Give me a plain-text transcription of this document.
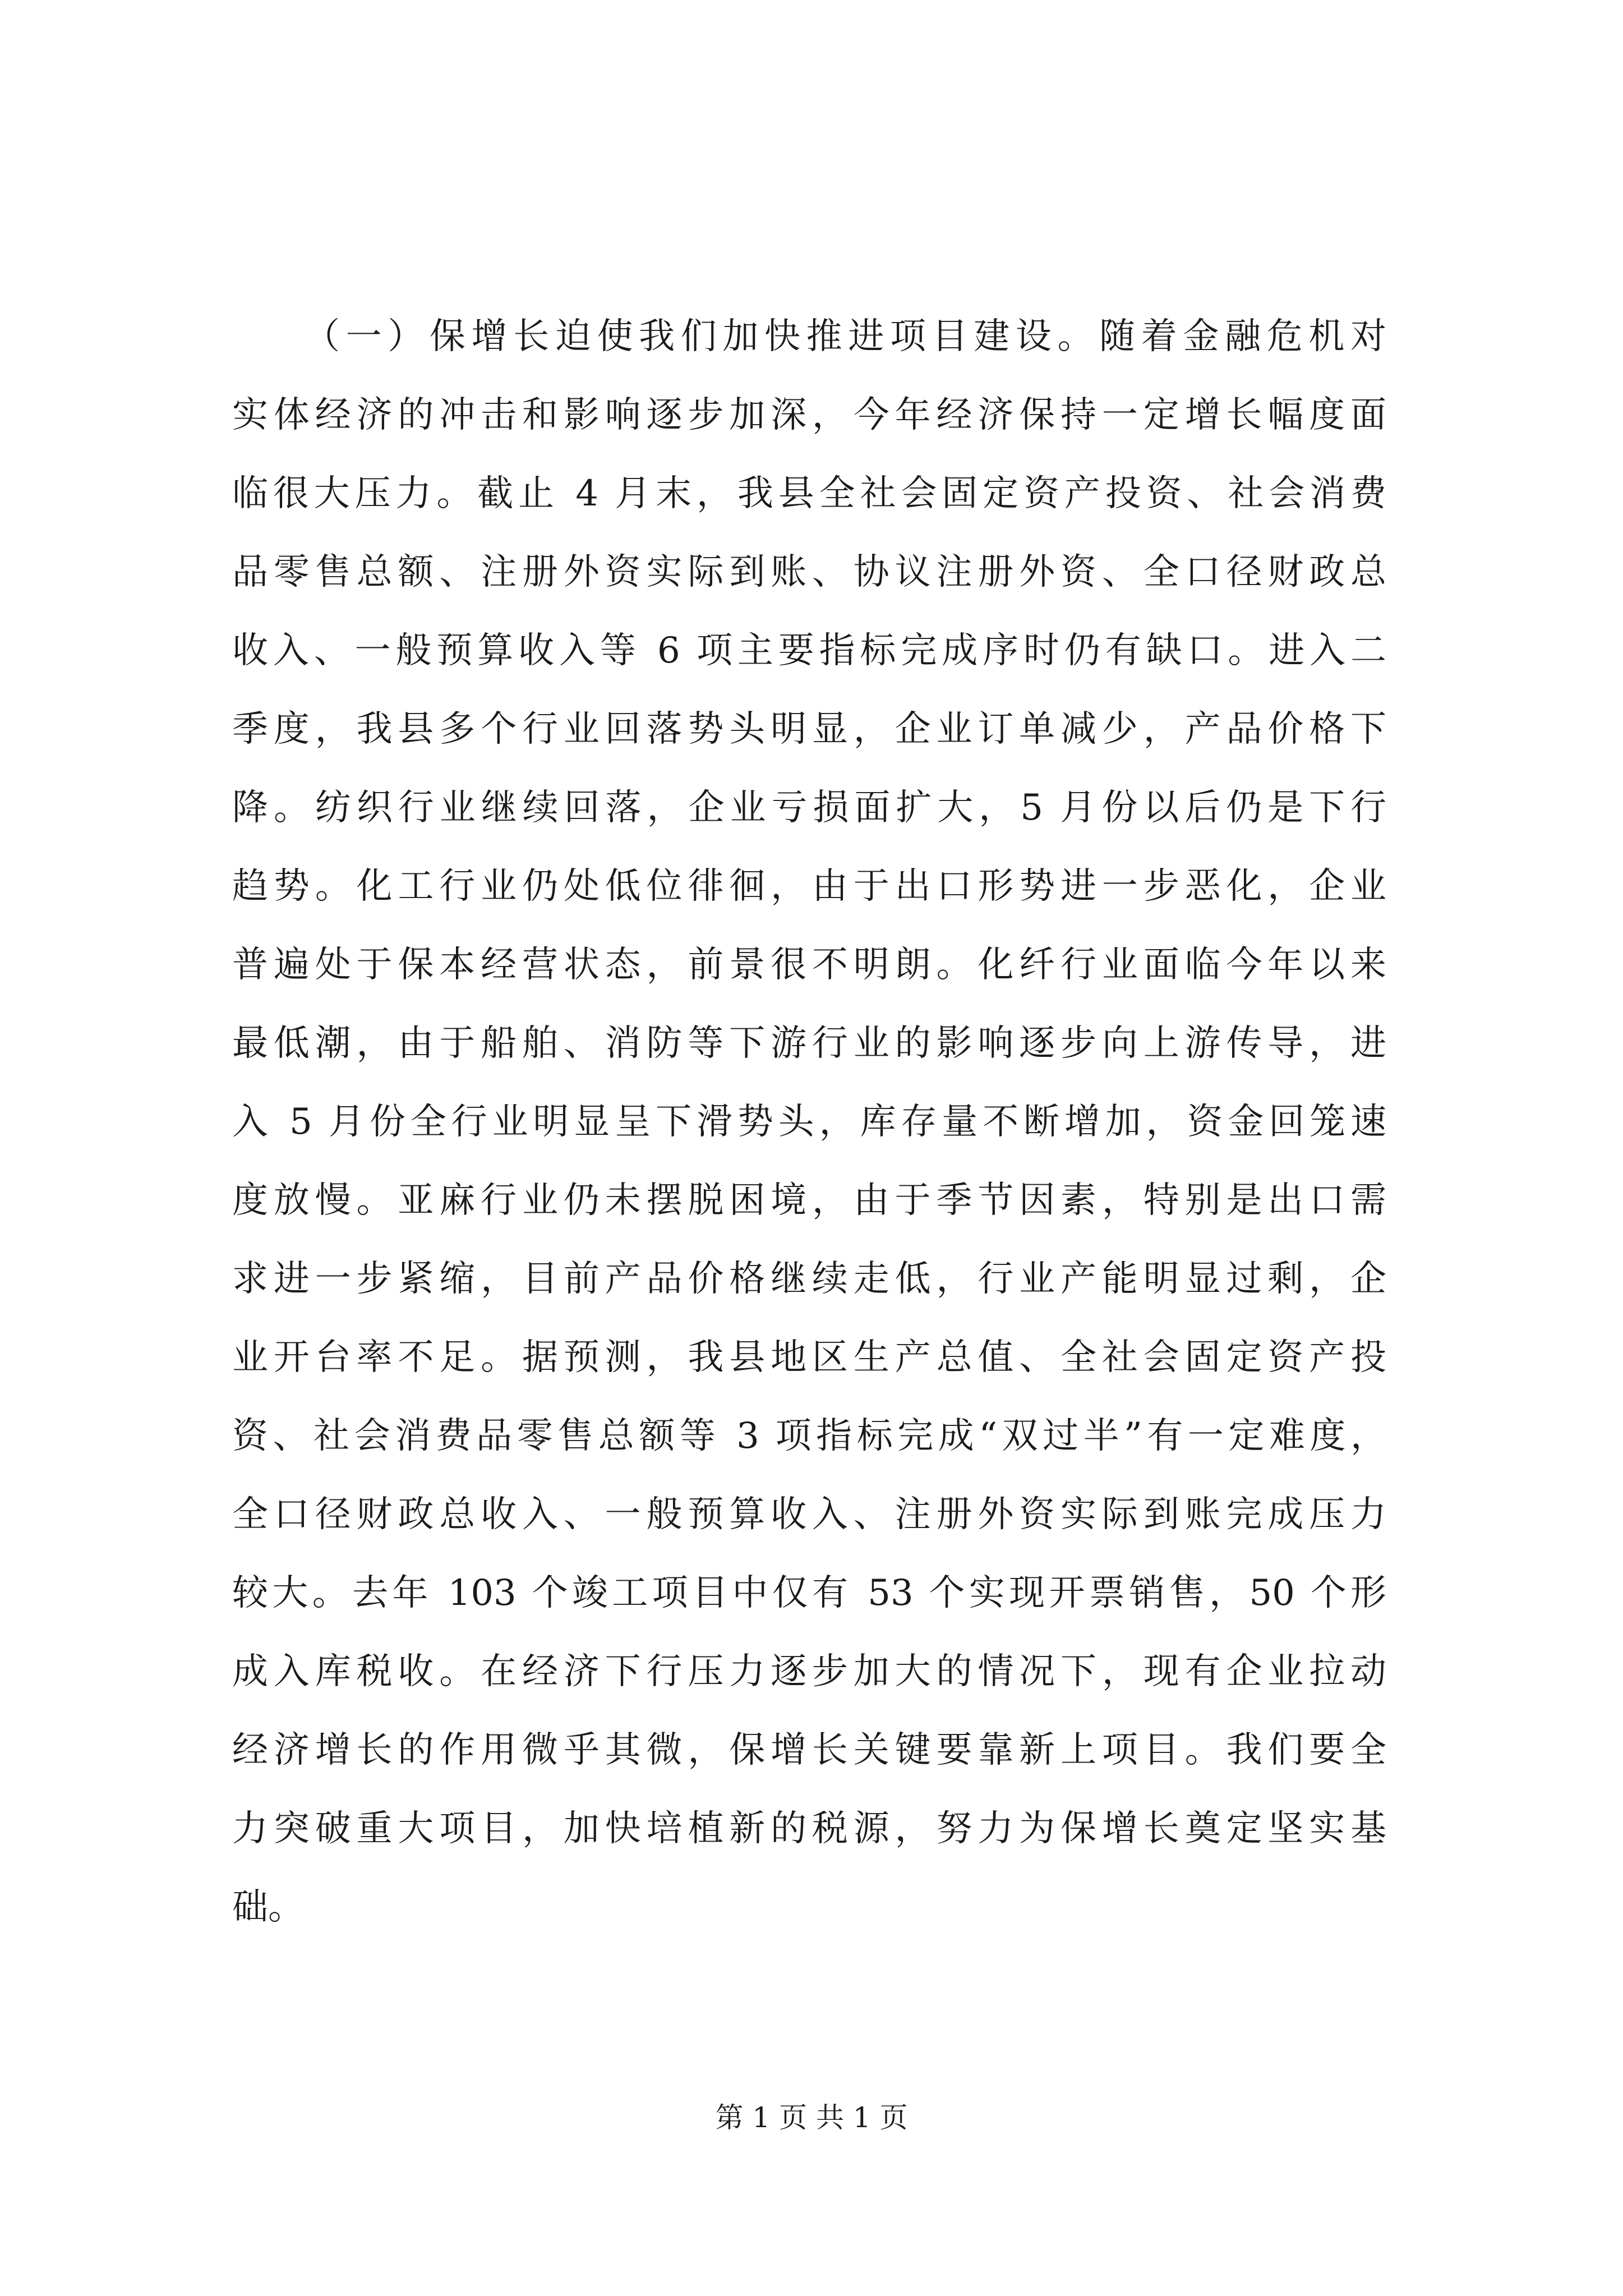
（一）保增长迫使我们加快推进项目建设。随着金融危机对
实体经济的冲击和影响逐步加深，今年经济保持一定增长幅度面
临很大压力。截止 4 月末，我县全社会固定资产投资、社会消费
品零售总额、注册外资实际到账、协议注册外资、全口径财政总
收入、一般预算收入等 6 项主要指标完成序时仍有缺口。进入二
季度，我县多个行业回落势头明显，企业订单减少，产品价格下
降。纺织行业继续回落，企业亏损面扩大，5 月份以后仍是下行
趋势。化工行业仍处低位徘徊，由于出口形势进一步恶化，企业
普遍处于保本经营状态，前景很不明朗。化纤行业面临今年以来
最低潮，由于船舶、消防等下游行业的影响逐步向上游传导，进
入 5 月份全行业明显呈下滑势头，库存量不断增加，资金回笼速
度放慢。亚麻行业仍未摆脱困境，由于季节因素，特别是出口需
求进一步紧缩，目前产品价格继续走低，行业产能明显过剩，企
业开台率不足。据预测，我县地区生产总值、全社会固定资产投
资、社会消费品零售总额等 3 项指标完成“双过半”有一定难度，
全口径财政总收入、一般预算收入、注册外资实际到账完成压力
较大。去年 103 个竣工项目中仅有 53 个实现开票销售，50 个形
成入库税收。在经济下行压力逐步加大的情况下，现有企业拉动
经济增长的作用微乎其微，保增长关键要靠新上项目。我们要全
力突破重大项目，加快培植新的税源，努力为保增长奠定坚实基
础。
第 1 页 共 1 页
